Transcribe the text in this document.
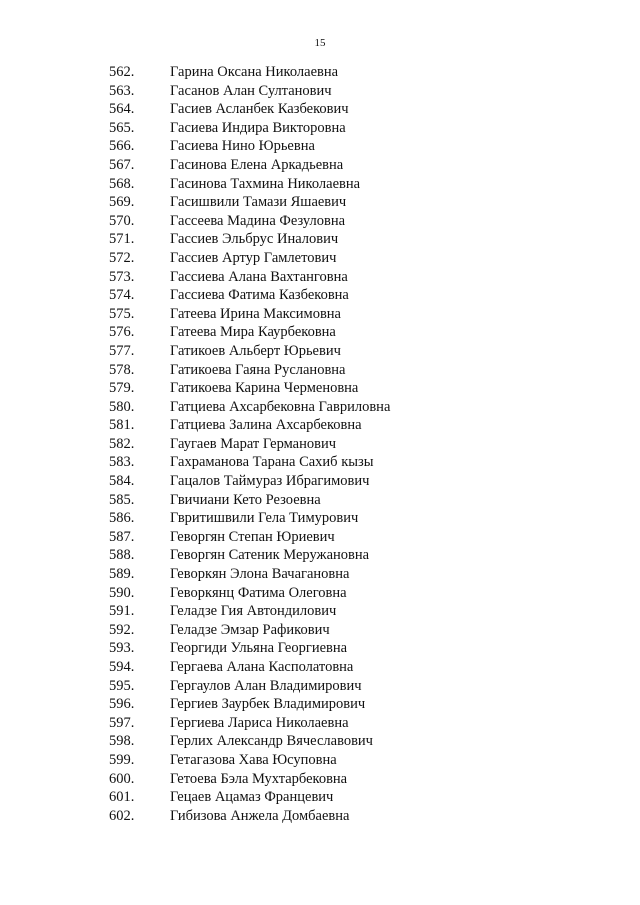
15
562. Гарина Оксана Николаевна
563. Гасанов Алан Султанович
564. Гасиев Асланбек Казбекович
565. Гасиева Индира Викторовна
566. Гасиева Нино Юрьевна
567. Гасинова Елена Аркадьевна
568. Гасинова Тахмина Николаевна
569. Гасишвили Тамази Яшаевич
570. Гассеева Мадина Фезуловна
571. Гассиев Эльбрус Иналович
572. Гассиев Артур Гамлетович
573. Гассиева Алана Вахтанговна
574. Гассиева Фатима Казбековна
575. Гатеева Ирина Максимовна
576. Гатеева Мира Каурбековна
577. Гатикоев Альберт Юрьевич
578. Гатикоева Гаяна Руслановна
579. Гатикоева Карина Черменовна
580. Гатциева Ахсарбековна Гавриловна
581. Гатциева Залина Ахсарбековна
582. Гаугаев Марат Германович
583. Гахраманова Тарана Сахиб кызы
584. Гацалов Таймураз Ибрагимович
585. Гвичиани Кето Резоевна
586. Гвритишвили Гела Тимурович
587. Геворгян Степан Юриевич
588. Геворгян Сатеник Меружановна
589. Геворкян Элона Вачагановна
590. Геворкянц Фатима Олеговна
591. Геладзе Гия Автондилович
592. Геладзе Эмзар Рафикович
593. Георгиди Ульяна Георгиевна
594. Гергаева Алана Касполатовна
595. Гергаулов Алан Владимирович
596. Гергиев Заурбек Владимирович
597. Гергиева Лариса Николаевна
598. Герлих Александр Вячеславович
599. Гетагазова Хава Юсуповна
600. Гетоева Бэла Мухтарбековна
601. Гецаев Ацамаз Францевич
602. Гибизова Анжела Домбаевна
